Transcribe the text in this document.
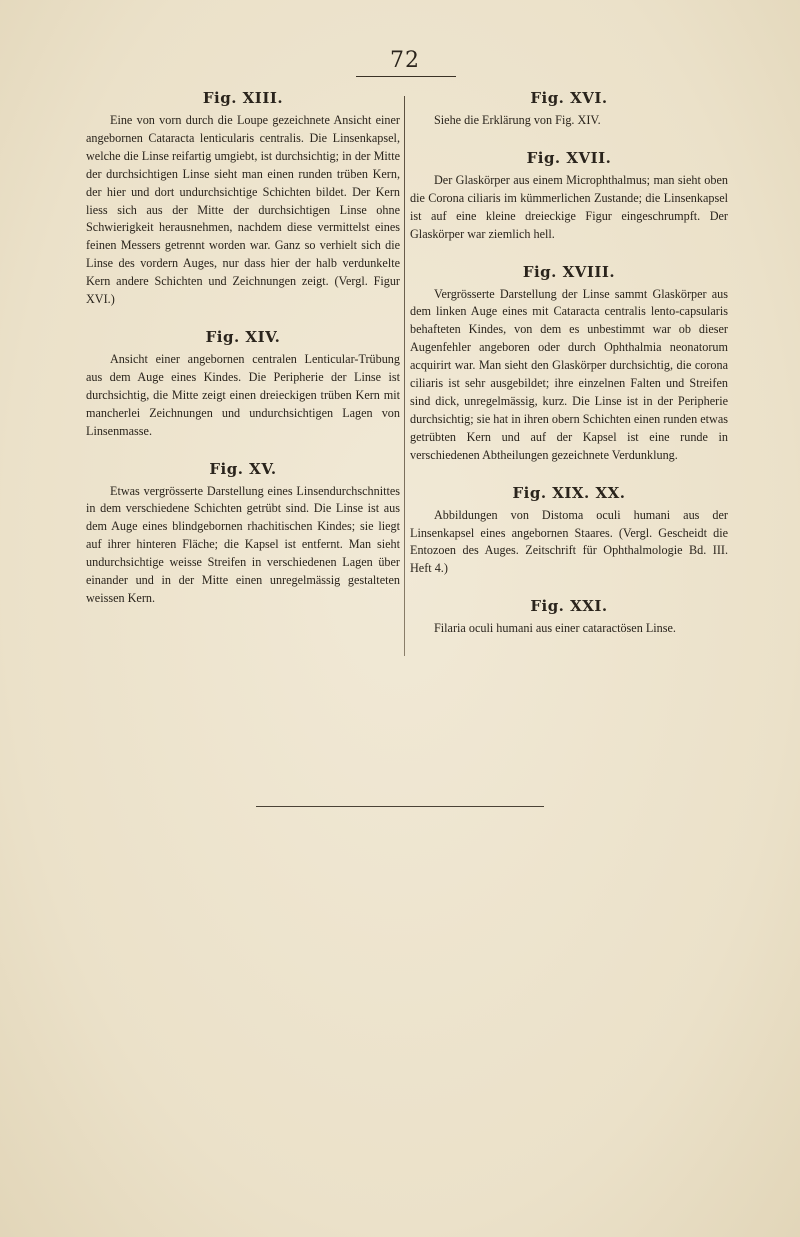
72
Fig. XIII.

Eine von vorn durch die Loupe gezeichnete Ansicht einer angebornen Cataracta lenticularis centralis. Die Linsenkapsel, welche die Linse reifartig umgiebt, ist durchsichtig; in der Mitte der durchsichtigen Linse sieht man einen runden trüben Kern, der hier und dort undurchsichtige Schichten bildet. Der Kern liess sich aus der Mitte der durchsichtigen Linse ohne Schwierigkeit herausnehmen, nachdem diese vermittelst eines feinen Messers getrennt worden war. Ganz so verhielt sich die Linse des vordern Auges, nur dass hier der halb verdunkelte Kern andere Schichten und Zeichnungen zeigt. (Vergl. Figur XVI.)

Fig. XIV.

Ansicht einer angebornen centralen Lenticular-Trübung aus dem Auge eines Kindes. Die Peripherie der Linse ist durchsichtig, die Mitte zeigt einen dreieckigen trüben Kern mit mancherlei Zeichnungen und undurchsichtigen Lagen von Linsenmasse.

Fig. XV.

Etwas vergrösserte Darstellung eines Linsendurchschnittes in dem verschiedene Schichten getrübt sind. Die Linse ist aus dem Auge eines blindgebornen rhachitischen Kindes; sie liegt auf ihrer hinteren Fläche; die Kapsel ist entfernt. Man sieht undurchsichtige weisse Streifen in verschiedenen Lagen über einander und in der Mitte einen unregelmässig gestalteten weissen Kern.

Fig. XVI.

Siehe die Erklärung von Fig. XIV.

Fig. XVII.

Der Glaskörper aus einem Microphthalmus; man sieht oben die Corona ciliaris im kümmerlichen Zustande; die Linsenkapsel ist auf eine kleine dreieckige Figur eingeschrumpft. Der Glaskörper war ziemlich hell.

Fig. XVIII.

Vergrösserte Darstellung der Linse sammt Glaskörper aus dem linken Auge eines mit Cataracta centralis lento-capsularis behafteten Kindes, von dem es unbestimmt war ob dieser Augenfehler angeboren oder durch Ophthalmia neonatorum acquirirt war. Man sieht den Glaskörper durchsichtig, die corona ciliaris ist sehr ausgebildet; ihre einzelnen Falten und Streifen sind dick, unregelmässig, kurz. Die Linse ist in der Peripherie durchsichtig; sie hat in ihren obern Schichten einen runden etwas getrübten Kern und auf der Kapsel ist eine runde in verschiedenen Abtheilungen gezeichnete Verdunklung.

Fig. XIX. XX.

Abbildungen von Distoma oculi humani aus der Linsenkapsel eines angebornen Staares. (Vergl. Gescheidt die Entozoen des Auges. Zeitschrift für Ophthalmologie Bd. III. Heft 4.)

Fig. XXI.

Filaria oculi humani aus einer cataractösen Linse.
